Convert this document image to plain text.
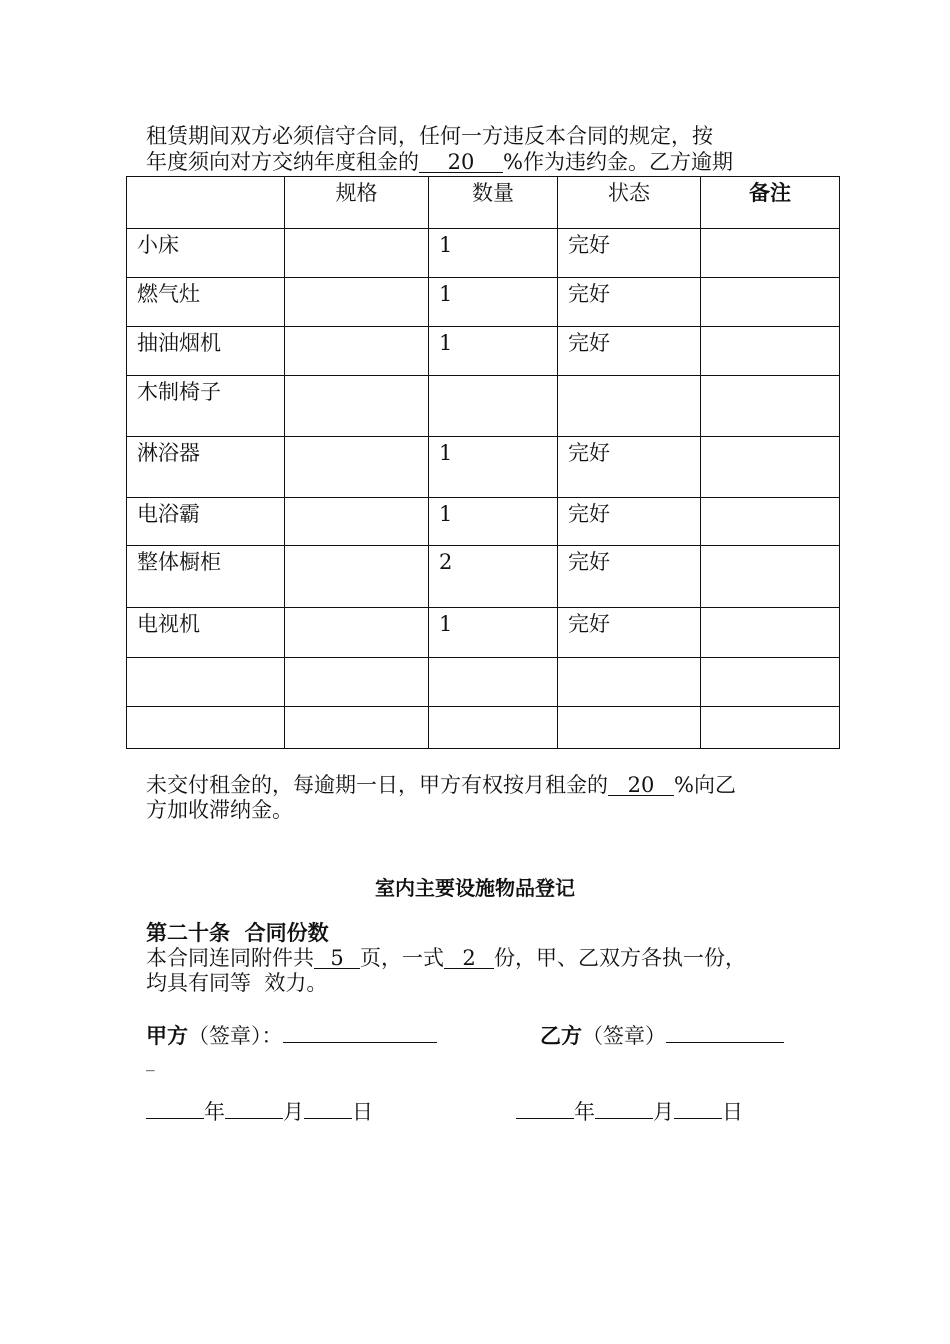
租赁期间双方必须信守合同，任何一方违反本合同的规定，按
年度须向对方交纳年度租金的 20 %作为违约金。乙方逾期
	规格	数量	状态	备注
小床		1	完好	
燃气灶		1	完好	
抽油烟机		1	完好	
木制椅子				
淋浴器		1	完好	
电浴霸		1	完好	
整体橱柜		2	完好	
电视机		1	完好	

未交付租金的，每逾期一日，甲方有权按月租金的 20 %向乙
方加收滞纳金。
室内主要设施物品登记
第二十条  合同份数
本合同连同附件共 5 页，一式 2 份，甲、乙双方各执一份，
均具有同等  效力。
甲方（签章）：	乙方（签章）
_
年	月 日	年	月 日
